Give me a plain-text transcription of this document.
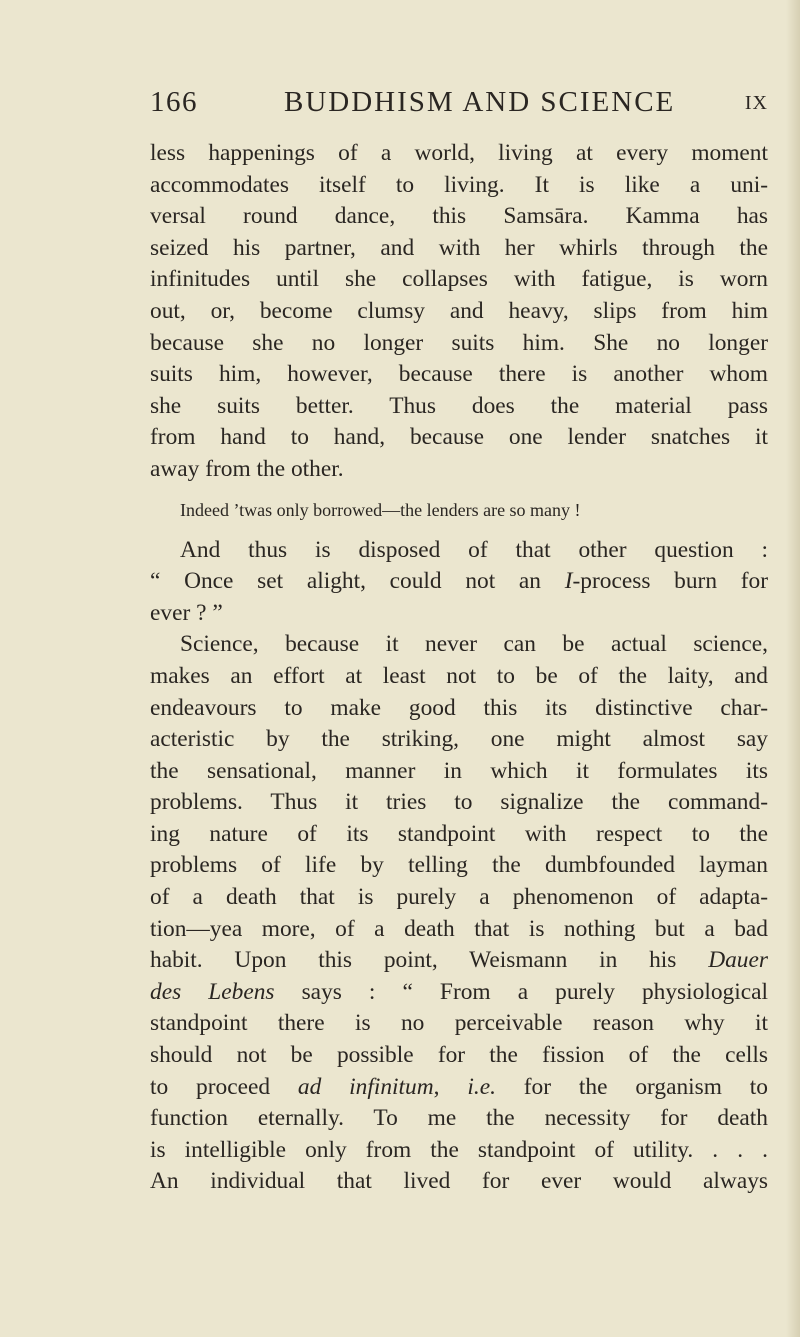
166	BUDDHISM AND SCIENCE	IX

less happenings of a world, living at every moment
accommodates itself to living. It is like a uni-
versal round dance, this Samsāra. Kamma has
seized his partner, and with her whirls through the
infinitudes until she collapses with fatigue, is worn
out, or, become clumsy and heavy, slips from him
because she no longer suits him. She no longer
suits him, however, because there is another whom
she suits better. Thus does the material pass
from hand to hand, because one lender snatches it
away from the other.

Indeed ’twas only borrowed—the lenders are so many !

And thus is disposed of that other question :
“ Once set alight, could not an I-process burn for
ever ? ”

Science, because it never can be actual science,
makes an effort at least not to be of the laity, and
endeavours to make good this its distinctive char-
acteristic by the striking, one might almost say
the sensational, manner in which it formulates its
problems. Thus it tries to signalize the command-
ing nature of its standpoint with respect to the
problems of life by telling the dumbfounded layman
of a death that is purely a phenomenon of adapta-
tion—yea more, of a death that is nothing but a bad
habit. Upon this point, Weismann in his Dauer
des Lebens says : “ From a purely physiological
standpoint there is no perceivable reason why it
should not be possible for the fission of the cells
to proceed ad infinitum, i.e. for the organism to
function eternally. To me the necessity for death
is intelligible only from the standpoint of utility. . . .
An individual that lived for ever would always
